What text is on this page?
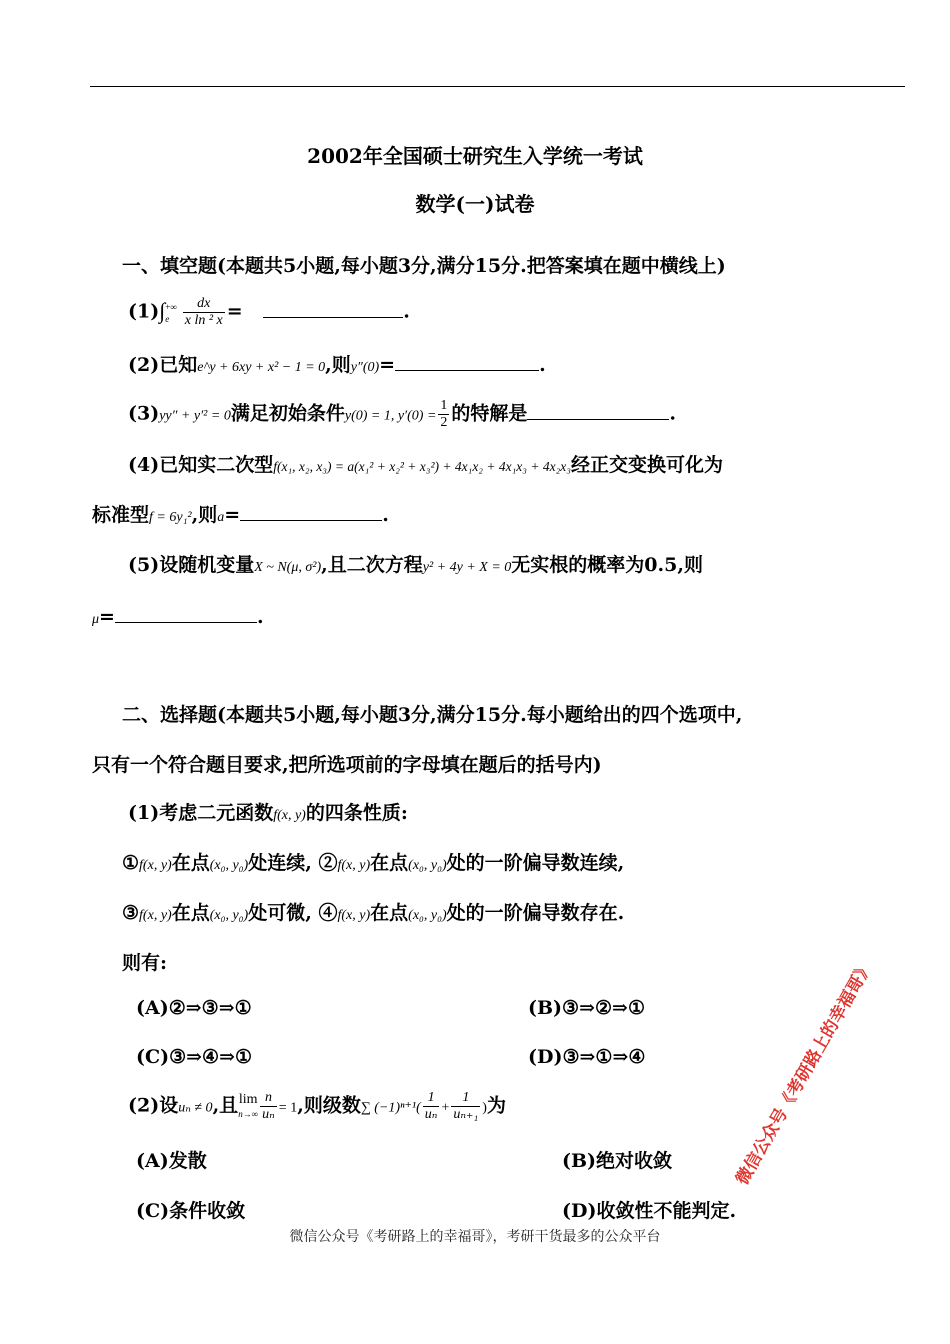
2002年全国硕士研究生入学统一考试
数学(一)试卷
一、填空题(本题共5小题,每小题3分,满分15分.把答案填在题中横线上)
(1)∫ +∞
e $\frac{dx}{\text{x ln ² x}}$ =	.
(2)已知e^y + 6xy + x² − 1 = 0,则y″(0)=	.
(3)yy″ + y′² = 0满足初始条件y(0) = 1, $y'(0) = \frac{1}{2}$ 的特解是	.
(4)已知实二次型f(x₁, x₂, x₃) = a(x₁² + x₂² + x₃²) + 4x₁x₂ + 4x₁x₃ + 4x₂x₃经正交变换可化为
标准型f = 6y₁²,则a=	.
(5)设随机变量X ~ N(μ, σ²),且二次方程y² + 4y + X = 0无实根的概率为0.5,则
μ=	.
二、选择题(本题共5小题,每小题3分,满分15分.每小题给出的四个选项中,
只有一个符合题目要求,把所选项前的字母填在题后的括号内)
(1)考虑二元函数f(x, y)的四条性质:
①f(x, y)在点(x₀, y₀)处连续, ②f(x, y)在点(x₀, y₀)处的一阶偏导数连续,
③f(x, y)在点(x₀, y₀)处可微, ④f(x, y)在点(x₀, y₀)处的一阶偏导数存在.
则有:
(A)②⇒③⇒①	(B)③⇒②⇒①
(C)③⇒④⇒①	(D)③⇒①⇒④
(2)设uₙ ≠ 0,且 lim
$n\to\infty \frac{n}{\text{uₙ}} = 1$,则级数∑ $(-1)^{n+1}( \frac{1}{\text{uₙ}} + \frac{1}{\text{uₙ₊₁}}$ )为
(A)发散	(B)绝对收敛
(C)条件收敛	(D)收敛性不能判定.
微信公众号《考研路上的幸福哥》，考研干货最多的公众平台
微信公众号《考研路上的幸福哥》
